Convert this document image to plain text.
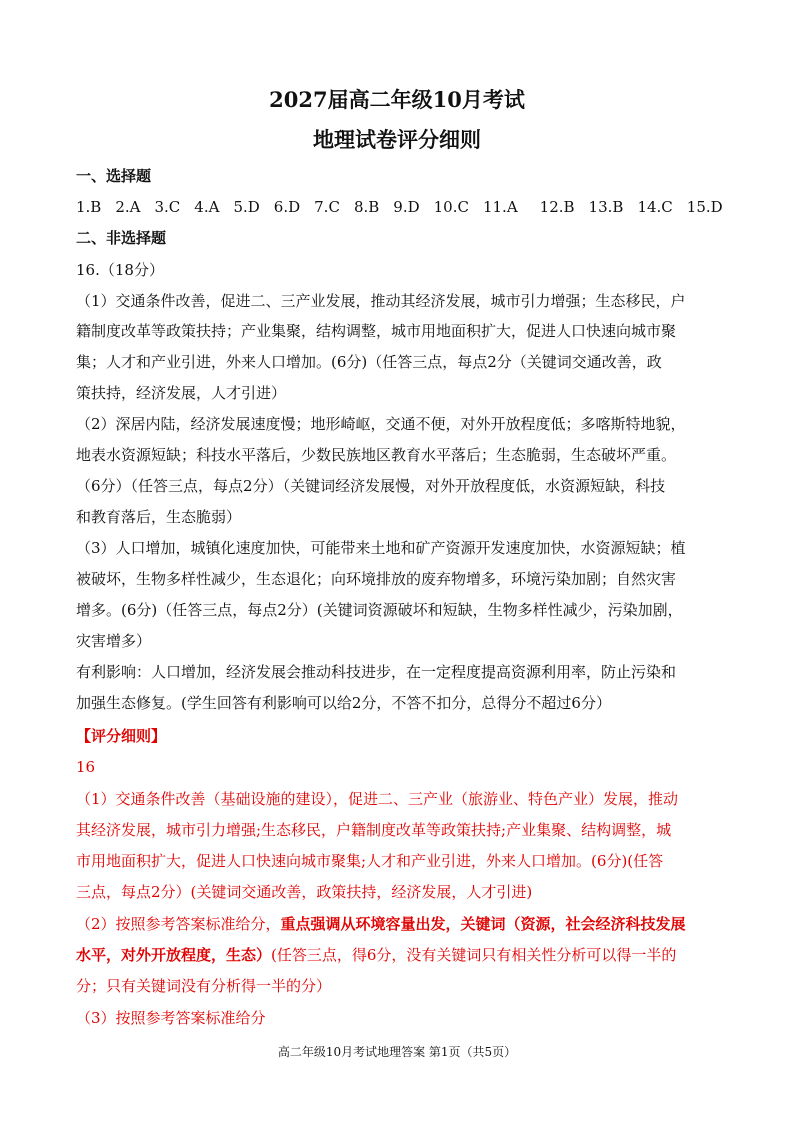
2027届高二年级10月考试
地理试卷评分细则
一、选择题
1.B 2.A 3.C 4.A 5.D 6.D 7.C 8.B 9.D 10.C 11.A 12.B 13.B 14.C 15.D
二、非选择题
16.（18分）
（1）交通条件改善，促进二、三产业发展，推动其经济发展，城市引力增强；生态移民，户
籍制度改革等政策扶持；产业集聚，结构调整，城市用地面积扩大，促进人口快速向城市聚
集；人才和产业引进，外来人口增加。(6分)（任答三点，每点2分（关键词交通改善，政
策扶持，经济发展，人才引进）
（2）深居内陆，经济发展速度慢；地形崎岖，交通不便，对外开放程度低；多喀斯特地貌，
地表水资源短缺；科技水平落后，少数民族地区教育水平落后；生态脆弱，生态破坏严重。
（6分）（任答三点，每点2分）（关键词经济发展慢，对外开放程度低，水资源短缺，科技
和教育落后，生态脆弱）
（3）人口增加，城镇化速度加快，可能带来土地和矿产资源开发速度加快，水资源短缺；植
被破坏，生物多样性减少，生态退化；向环境排放的废弃物增多，环境污染加剧；自然灾害
增多。(6分)（任答三点，每点2分）(关键词资源破坏和短缺，生物多样性减少，污染加剧，
灾害增多）
有利影响：人口增加，经济发展会推动科技进步，在一定程度提高资源利用率，防止污染和
加强生态修复。(学生回答有利影响可以给2分，不答不扣分，总得分不超过6分）
【评分细则】
16
（1）交通条件改善（基础设施的建设），促进二、三产业（旅游业、特色产业）发展，推动
其经济发展，城市引力增强;生态移民，户籍制度改革等政策扶持;产业集聚、结构调整，城
市用地面积扩大，促进人口快速向城市聚集;人才和产业引进，外来人口增加。(6分)(任答
三点，每点2分）(关键词交通改善，政策扶持，经济发展，人才引进)
（2）按照参考答案标准给分，重点强调从环境容量出发，关键词（资源，社会经济科技发展
水平，对外开放程度，生态）(任答三点，得6分，没有关键词只有相关性分析可以得一半的
分；只有关键词没有分析得一半的分）
（3）按照参考答案标准给分
高二年级10月考试地理答案 第1页（共5页）
